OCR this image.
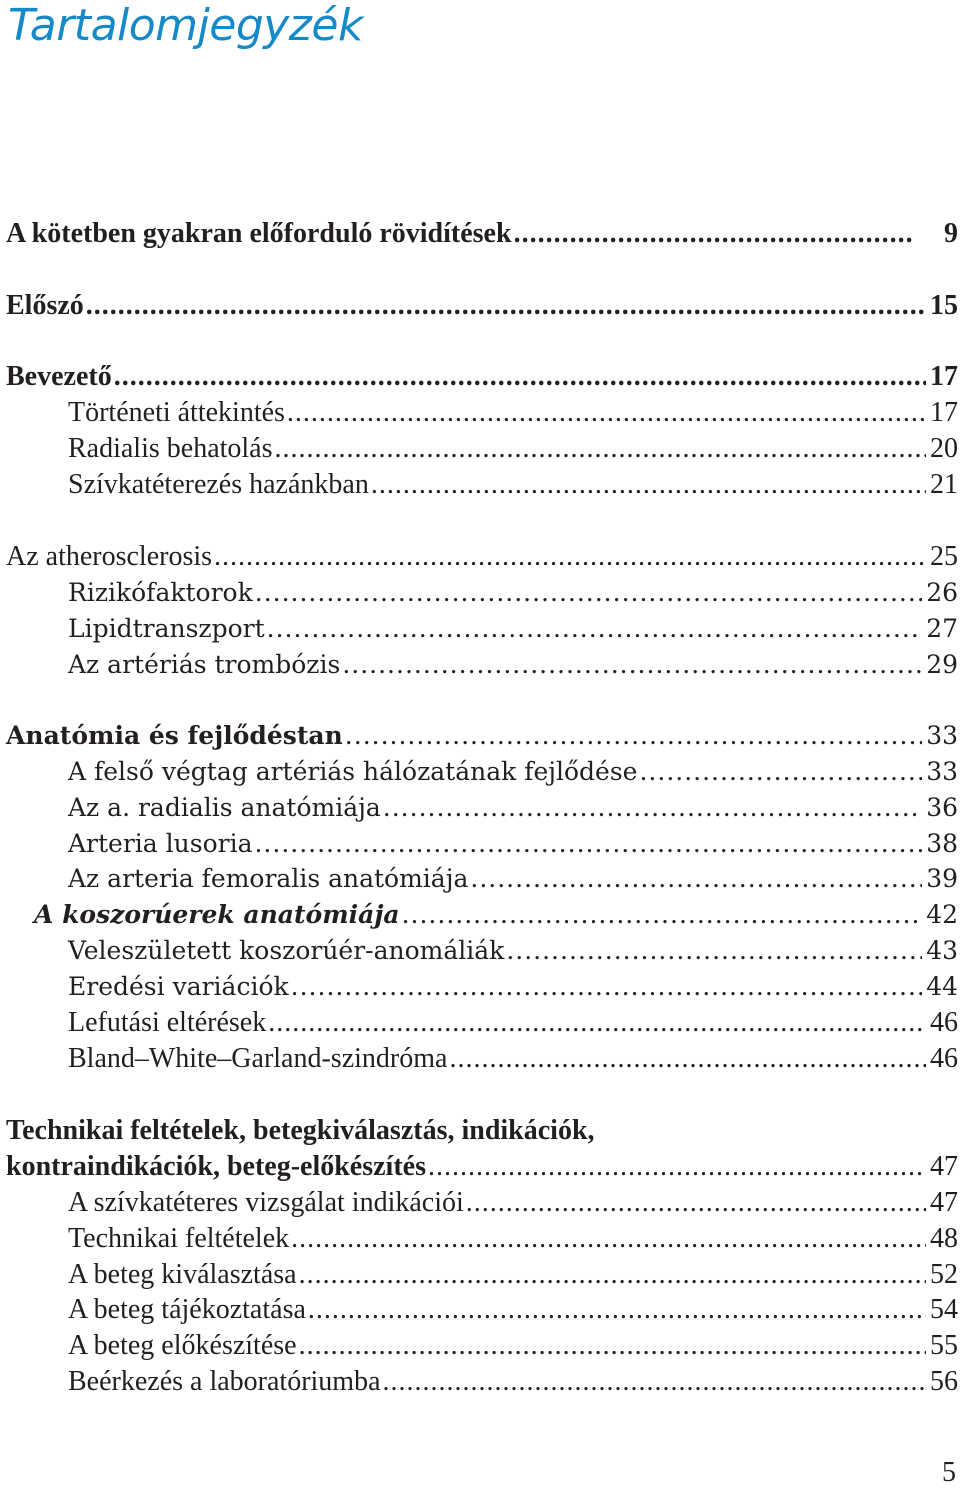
Tartalomjegyzék
A kötetben gyakran előforduló rövidítések .....	9
Előszó .....	15
Bevezető .....	17
Történeti áttekintés .....	17
Radialis behatolás .....	20
Szívkatéterezés hazánkban .....	21
Az atherosclerosis .....	25
Rizikófaktorok .....	26
Lipidtranszport .....	27
Az artériás trombózis .....	29
Anatómia és fejlődéstan .....	33
A felső végtag artériás hálózatának fejlődése .....	33
Az a. radialis anatómiája .....	36
Arteria lusoria .....	38
Az arteria femoralis anatómiája .....	39
A koszorúerek anatómiája .....	42
Veleszületett koszorúér-anomáliák .....	43
Eredési variációk .....	44
Lefutási eltérések .....	46
Bland–White–Garland-szindróma .....	46
Technikai feltételek, betegkiválasztás, indikációk,
kontraindikációk, beteg-előkészítés .....	47
A szívkatéteres vizsgálat indikációi .....	47
Technikai feltételek .....	48
A beteg kiválasztása .....	52
A beteg tájékoztatása .....	54
A beteg előkészítése .....	55
Beérkezés a laboratóriumba .....	56
5
